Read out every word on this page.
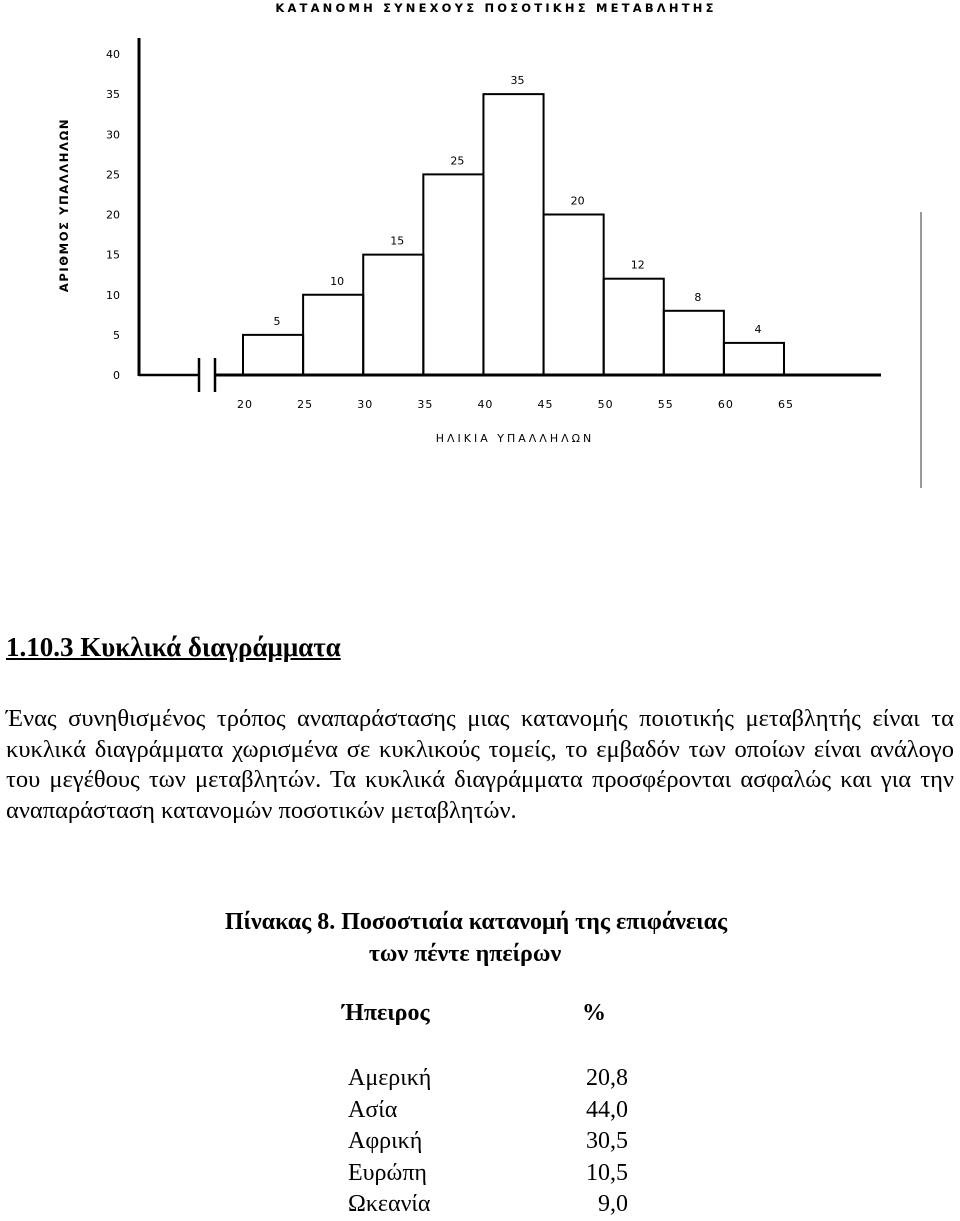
ΚΑΤΑΝΟΜΗ ΣΥΝΕΧΟΥΣ ΠΟΣΟΤΙΚΗΣ ΜΕΤΑΒΛΗΤΗΣ
ΑΡΙΘΜΟΣ ΥΠΑΛΛΗΛΩΝ
ΗΛΙΚΙΑ ΥΠΑΛΛΗΛΩΝ
0
5
10
15
20
25
30
35
40
20	25	30	35	40	45	50	55	60	65
5
10
15
25
35
20
12
8
4
1.10.3 Κυκλικά διαγράμματα

Ένας συνηθισμένος τρόπος αναπαράστασης μιας κατανομής ποιοτικής μεταβλητής είναι τα κυκλικά διαγράμματα χωρισμένα σε κυκλικούς τομείς, το εμβαδόν των οποίων είναι ανάλογο του μεγέθους των μεταβλητών. Τα κυκλικά διαγράμματα προσφέρονται ασφαλώς και για την αναπαράσταση κατανομών ποσοτικών μεταβλητών.

Πίνακας 8. Ποσοστιαία κατανομή της επιφάνειας
των πέντε ηπείρων
Ήπειρος	%
Αμερική	20,8
Ασία	44,0
Αφρική	30,5
Ευρώπη	10,5
Ωκεανία	9,0
